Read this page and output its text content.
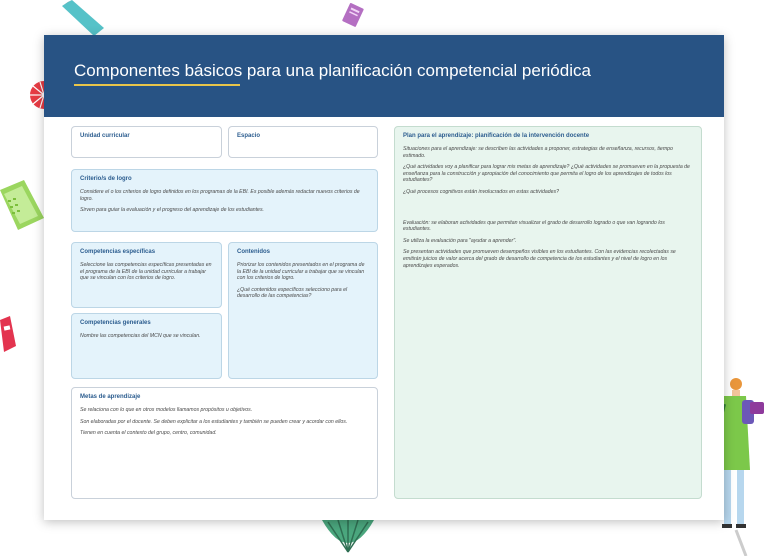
Componentes básicos para una planificación competencial periódica
Unidad curricular	Espacio
Criterio/s de logro

Considere el o los criterios de logro definidos en los programas de la EBI. Es posible además redactar nuevos criterios de logro.

Sirven para guiar la evaluación y el progreso del aprendizaje de los estudiantes.

Competencias específicas

Seleccione las competencias específicas presentadas en el programa de la EBI de la unidad curricular a trabajar que se vinculan con los criterios de logro.

Contenidos

Priorizar los contenidos presentados en el programa de la EBI de la unidad curricular a trabajar que se vinculan con los criterios de logro.

¿Qué contenidos específicos selecciono para el desarrollo de las competencias?

Competencias generales

Nombre las competencias del MCN que se vinculan.

Metas de aprendizaje

Se relaciona con lo que en otros modelos llamamos propósitos u objetivos.

Son elaboradas por el docente. Se deben explicitar a los estudiantes y también se pueden crear y acordar con ellos.

Tienen en cuenta el contexto del grupo, centro, comunidad.

Plan para el aprendizaje: planificación de la intervención docente

Situaciones para el aprendizaje: se describen las actividades a proponer, estrategias de enseñanza, recursos, tiempo estimado.

¿Qué actividades voy a planificar para lograr mis metas de aprendizaje? ¿Qué actividades se promueven en la propuesta de enseñanza para la construcción y apropiación del conocimiento que permita el logro de los aprendizajes de todos los estudiantes?

¿Qué procesos cognitivos están involucrados en estas actividades?

Evaluación: se elaboran actividades que permitan visualizar el grado de desarrollo logrado o que van logrando los estudiantes.

Se utiliza la evaluación para "ayudar a aprender".

Se presentan actividades que promueven desempeños visibles en los estudiantes. Con las evidencias recolectadas se emitirán juicios de valor acerca del grado de desarrollo de competencia de los estudiantes y el nivel de logro en los aprendizajes esperados.
